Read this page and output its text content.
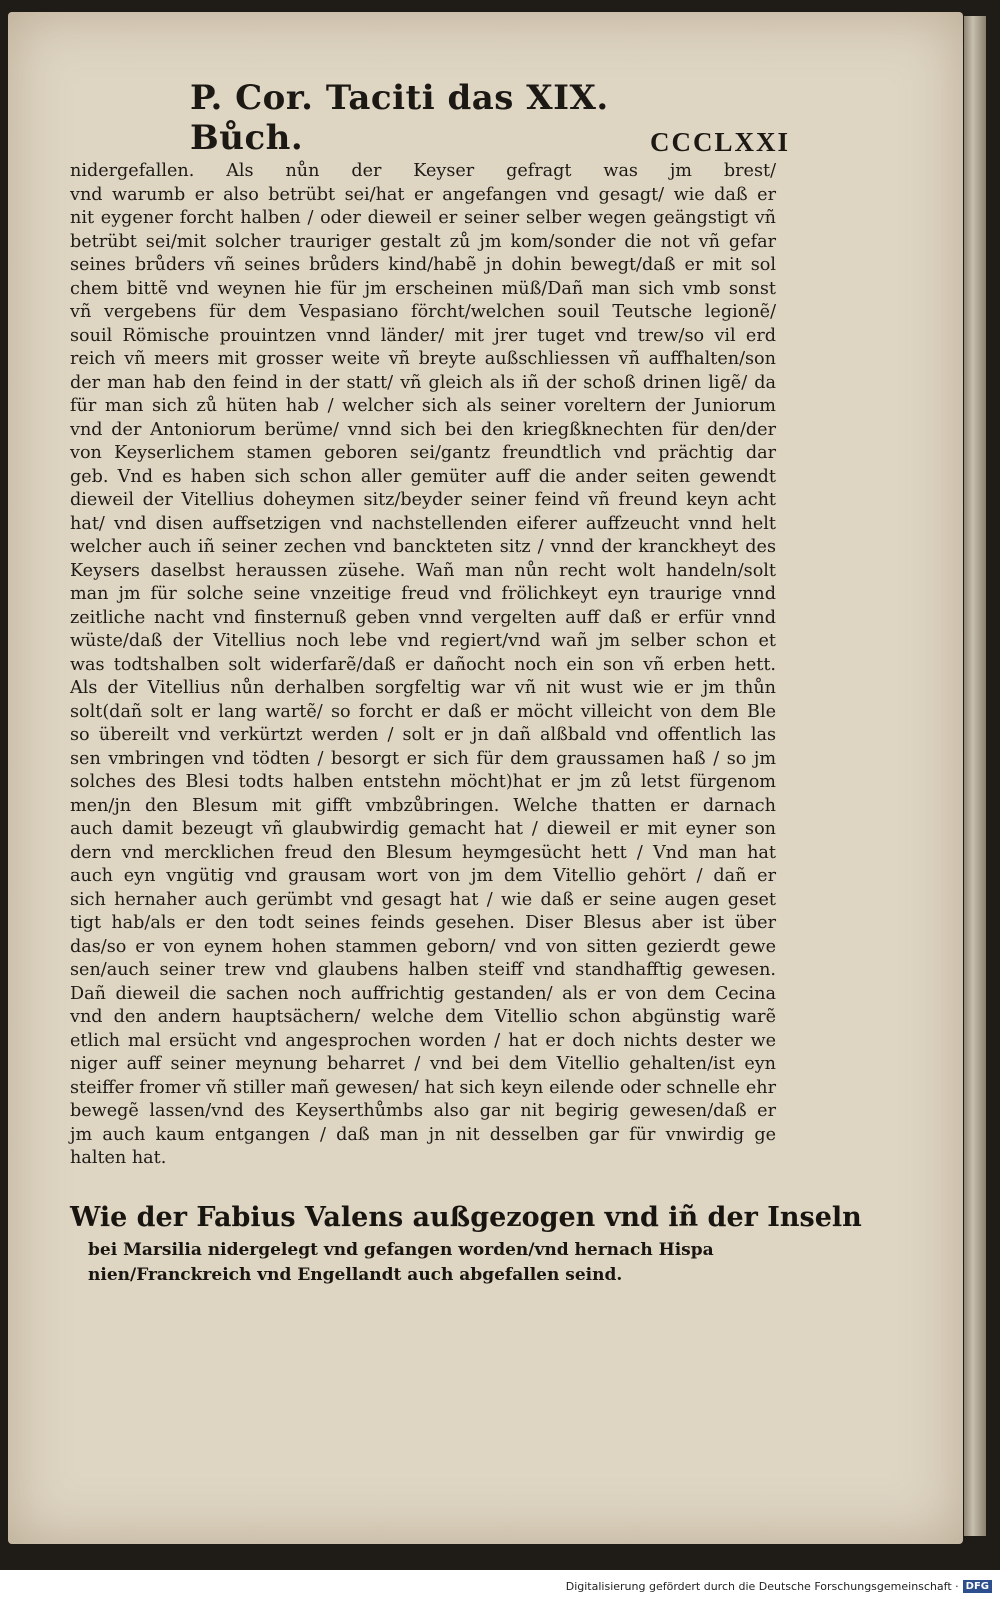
P. Cor. Taciti das XIX. Bůch.	CCCLXXI
nidergefallen. Als nůn der Keyser gefragt was jm brest/
vnd warumb er also betrübt sei/hat er angefangen vnd gesagt/ wie daß er
nit eygener forcht halben / oder dieweil er seiner selber wegen geängstigt vñ
betrübt sei/mit solcher trauriger gestalt zů jm kom/sonder die not vñ gefar
seines brůders vñ seines brůders kind/habẽ jn dohin bewegt/daß er mit sol
chem bittẽ vnd weynen hie für jm erscheinen müß/Dañ man sich vmb sonst
vñ vergebens für dem Vespasiano förcht/welchen souil Teutsche legionẽ/
souil Römische prouintzen vnnd länder/ mit jrer tuget vnd trew/so vil erd
reich vñ meers mit grosser weite vñ breyte außschliessen vñ auffhalten/son
der man hab den feind in der statt/ vñ gleich als iñ der schoß drinen ligẽ/ da
für man sich zů hüten hab / welcher sich als seiner voreltern der Juniorum
vnd der Antoniorum berüme/ vnnd sich bei den kriegßknechten für den/der
von Keyserlichem stamen geboren sei/gantz freundtlich vnd prächtig dar
geb. Vnd es haben sich schon aller gemüter auff die ander seiten gewendt
dieweil der Vitellius doheymen sitz/beyder seiner feind vñ freund keyn acht
hat/ vnd disen auffsetzigen vnd nachstellenden eiferer auffzeucht vnnd helt
welcher auch iñ seiner zechen vnd banckteten sitz / vnnd der kranckheyt des
Keysers daselbst heraussen züsehe. Wañ man nůn recht wolt handeln/solt
man jm für solche seine vnzeitige freud vnd frölichkeyt eyn traurige vnnd
zeitliche nacht vnd finsternuß geben vnnd vergelten auff daß er erfür vnnd
wüste/daß der Vitellius noch lebe vnd regiert/vnd wañ jm selber schon et
was todtshalben solt widerfarẽ/daß er dañocht noch ein son vñ erben hett.
Als der Vitellius nůn derhalben sorgfeltig war vñ nit wust wie er jm thůn
solt(dañ solt er lang wartẽ/ so forcht er daß er möcht villeicht von dem Ble
so übereilt vnd verkürtzt werden / solt er jn dañ alßbald vnd offentlich las
sen vmbringen vnd tödten / besorgt er sich für dem graussamen haß / so jm
solches des Blesi todts halben entstehn möcht)hat er jm zů letst fürgenom
men/jn den Blesum mit gifft vmbzůbringen. Welche thatten er darnach
auch damit bezeugt vñ glaubwirdig gemacht hat / dieweil er mit eyner son
dern vnd mercklichen freud den Blesum heymgesücht hett / Vnd man hat
auch eyn vngütig vnd grausam wort von jm dem Vitellio gehört / dañ er
sich hernaher auch gerümbt vnd gesagt hat / wie daß er seine augen geset
tigt hab/als er den todt seines feinds gesehen. Diser Blesus aber ist über
das/so er von eynem hohen stammen geborn/ vnd von sitten gezierdt gewe
sen/auch seiner trew vnd glaubens halben steiff vnd standhafftig gewesen.
Dañ dieweil die sachen noch auffrichtig gestanden/ als er von dem Cecina
vnd den andern hauptsächern/ welche dem Vitellio schon abgünstig warẽ
etlich mal ersücht vnd angesprochen worden / hat er doch nichts dester we
niger auff seiner meynung beharret / vnd bei dem Vitellio gehalten/ist eyn
steiffer fromer vñ stiller mañ gewesen/ hat sich keyn eilende oder schnelle ehr
bewegẽ lassen/vnd des Keyserthůmbs also gar nit begirig gewesen/daß er
jm auch kaum entgangen / daß man jn nit desselben gar für vnwirdig ge
halten hat.
Wie der Fabius Valens außgezogen vnd iñ der Inseln
bei Marsilia nidergelegt vnd gefangen worden/vnd hernach Hispa
nien/Franckreich vnd Engellandt auch abgefallen seind.
Digitalisierung gefördert durch die Deutsche Forschungsgemeinschaft · DFG
